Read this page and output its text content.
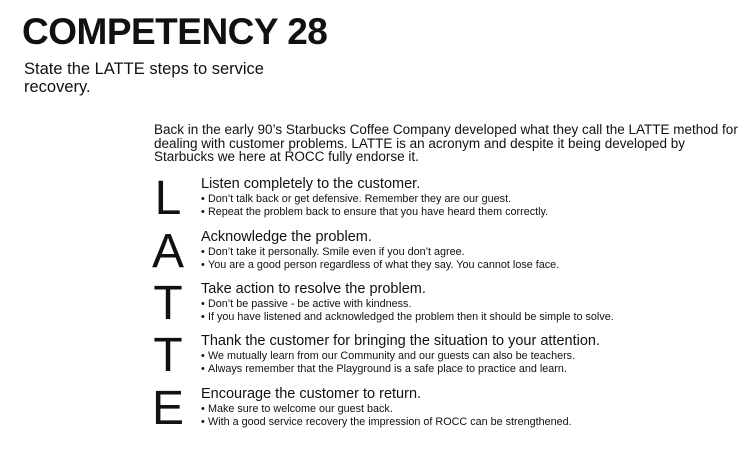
COMPETENCY 28

State the LATTE steps to service recovery.

Back in the early 90’s Starbucks Coffee Company developed what they call the LATTE method for dealing with customer problems. LATTE is an acronym and despite it being developed by Starbucks we here at ROCC fully endorse it.

L	Listen completely to the customer.

• Don’t talk back or get defensive. Remember they are our guest.

• Repeat the problem back to ensure that you have heard them correctly.

A Acknowledge the problem.

• Don’t take it personally. Smile even if you don’t agree.

• You are a good person regardless of what they say. You cannot lose face.

T	Take action to resolve the problem.

• Don’t be passive - be active with kindness.

• If you have listened and acknowledged the problem then it should be simple to solve.

T	Thank the customer for bringing the situation to your attention.

• We mutually learn from our Community and our guests can also be teachers.

• Always remember that the Playground is a safe place to practice and learn.

E Encourage the customer to return.

• Make sure to welcome our guest back.

• With a good service recovery the impression of ROCC can be strengthened.
